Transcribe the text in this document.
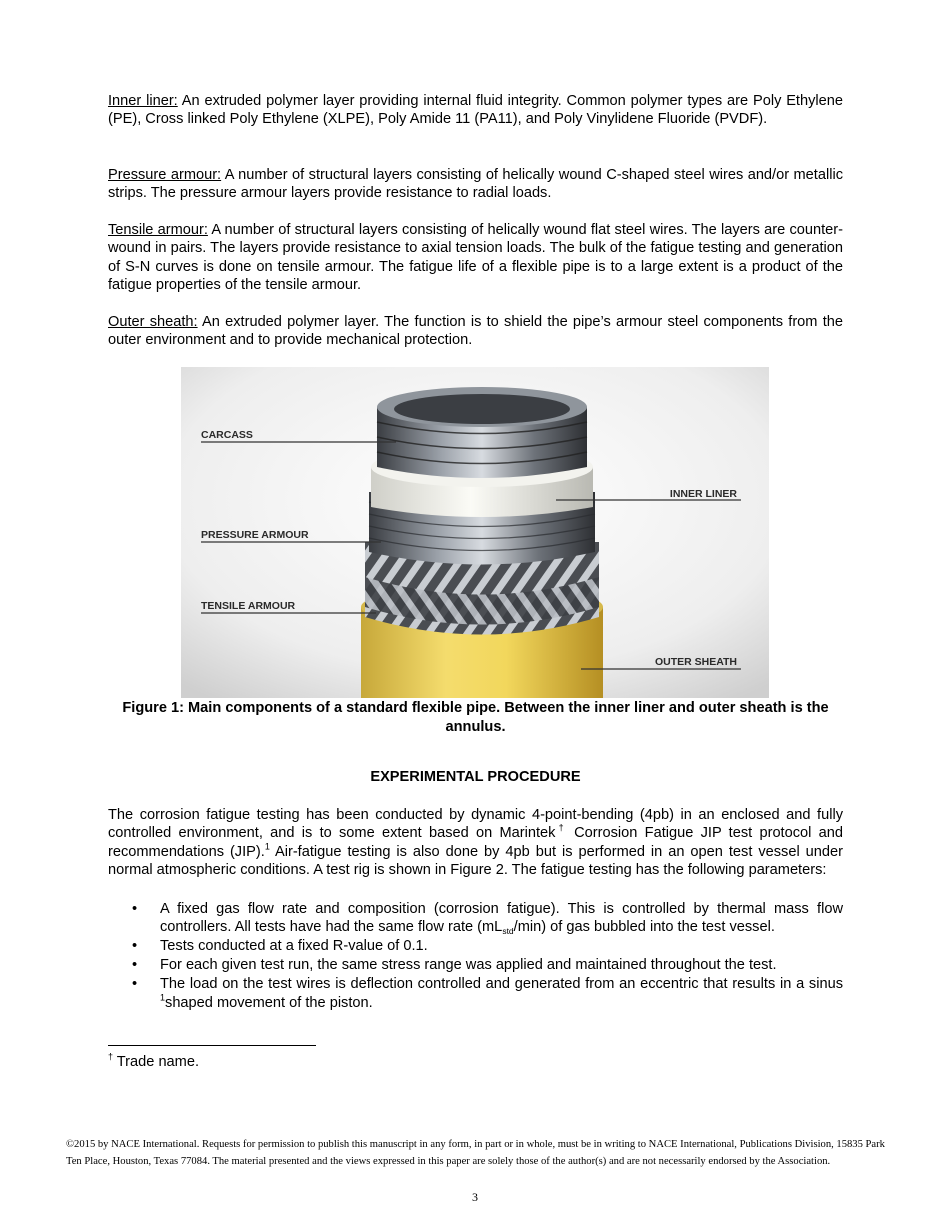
Inner liner: An extruded polymer layer providing internal fluid integrity. Common polymer types are Poly Ethylene (PE), Cross linked Poly Ethylene (XLPE), Poly Amide 11 (PA11), and Poly Vinylidene Fluoride (PVDF).
Pressure armour: A number of structural layers consisting of helically wound C-shaped steel wires and/or metallic strips. The pressure armour layers provide resistance to radial loads.
Tensile armour: A number of structural layers consisting of helically wound flat steel wires. The layers are counter-wound in pairs. The layers provide resistance to axial tension loads. The bulk of the fatigue testing and generation of S-N curves is done on tensile armour. The fatigue life of a flexible pipe is to a large extent is a product of the fatigue properties of the tensile armour.
Outer sheath: An extruded polymer layer. The function is to shield the pipe’s armour steel components from the outer environment and to provide mechanical protection.
CARCASS
INNER LINER
PRESSURE ARMOUR
TENSILE ARMOUR
OUTER SHEATH
Figure 1: Main components of a standard flexible pipe. Between the inner liner and outer sheath is the annulus.
EXPERIMENTAL PROCEDURE
The corrosion fatigue testing has been conducted by dynamic 4-point-bending (4pb) in an enclosed and fully controlled environment, and is to some extent based on Marintek† Corrosion Fatigue JIP test protocol and recommendations (JIP).$^1$ Air-fatigue testing is also done by 4pb but is performed in an open test vessel under normal atmospheric conditions. A test rig is shown in Figure 2. The fatigue testing has the following parameters:
• A fixed gas flow rate and composition (corrosion fatigue). This is controlled by thermal mass flow controllers. All tests have had the same flow rate $(mL_{std}/\min)$ of gas bubbled into the test vessel.
• Tests conducted at a fixed R-value of 0.1.
• For each given test run, the same stress range was applied and maintained throughout the test.
• The load on the test wires is deflection controlled and generated from an eccentric that results in a sinus $^1$shaped movement of the piston.
† Trade name.
©2015 by NACE International. Requests for permission to publish this manuscript in any form, in part or in whole, must be in writing to NACE International, Publications Division, 15835 Park Ten Place, Houston, Texas 77084. The material presented and the views expressed in this paper are solely those of the author(s) and are not necessarily endorsed by the Association.
3
